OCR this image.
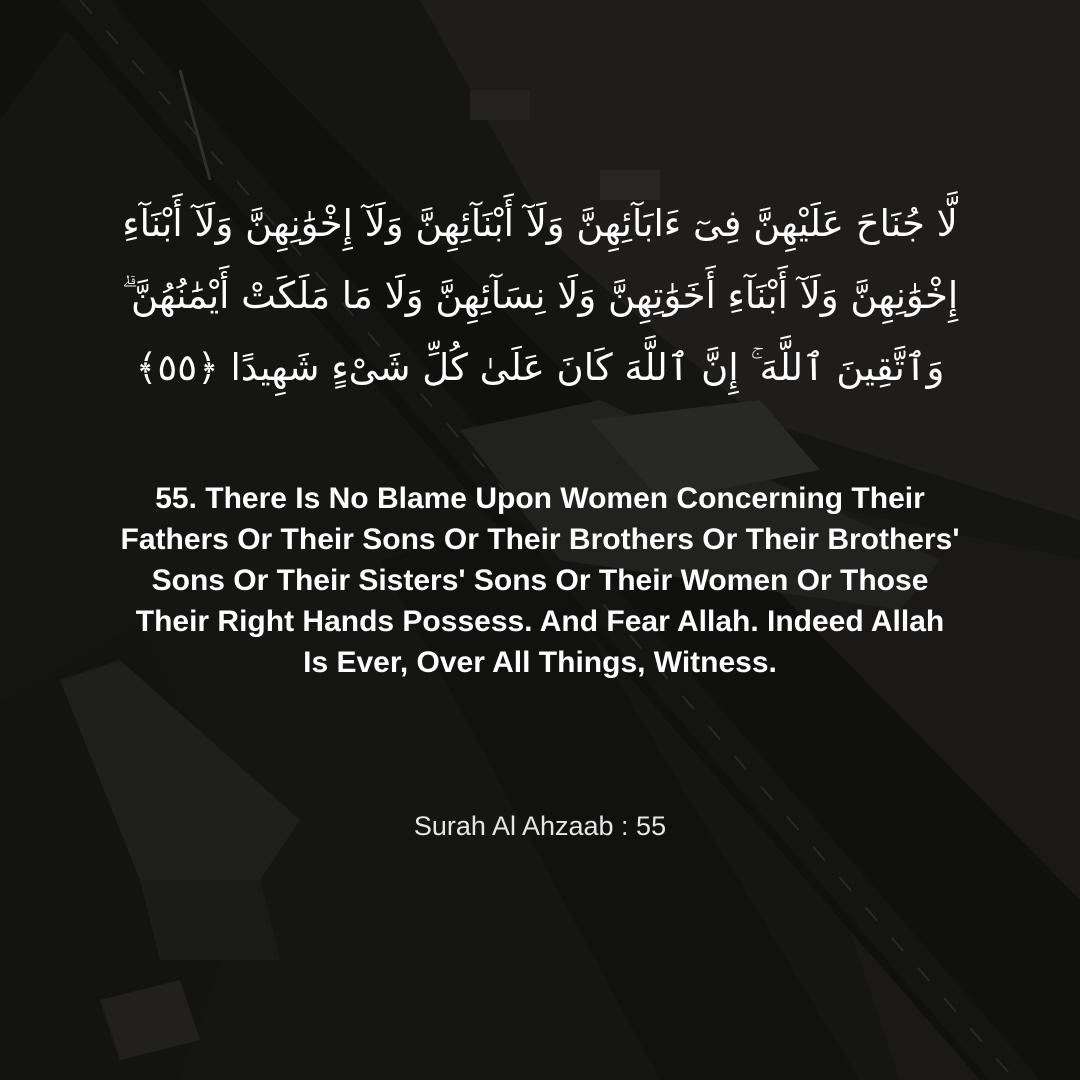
لَّا جُنَاحَ عَلَيْهِنَّ فِىٓ ءَابَآئِهِنَّ وَلَآ أَبْنَآئِهِنَّ وَلَآ إِخْوَٰنِهِنَّ وَلَآ أَبْنَآءِ إِخْوَٰنِهِنَّ وَلَآ أَبْنَآءِ أَخَوَٰتِهِنَّ وَلَا نِسَآئِهِنَّ وَلَا مَا مَلَكَتْ أَيْمَٰنُهُنَّ ۗ وَٱتَّقِينَ ٱللَّهَ ۚ إِنَّ ٱللَّهَ كَانَ عَلَىٰ كُلِّ شَىْءٍ شَهِيدًا ﴿٥٥﴾

55. There Is No Blame Upon Women Concerning Their Fathers Or Their Sons Or Their Brothers Or Their Brothers' Sons Or Their Sisters' Sons Or Their Women Or Those Their Right Hands Possess. And Fear Allah. Indeed Allah Is Ever, Over All Things, Witness.

Surah Al Ahzaab : 55
